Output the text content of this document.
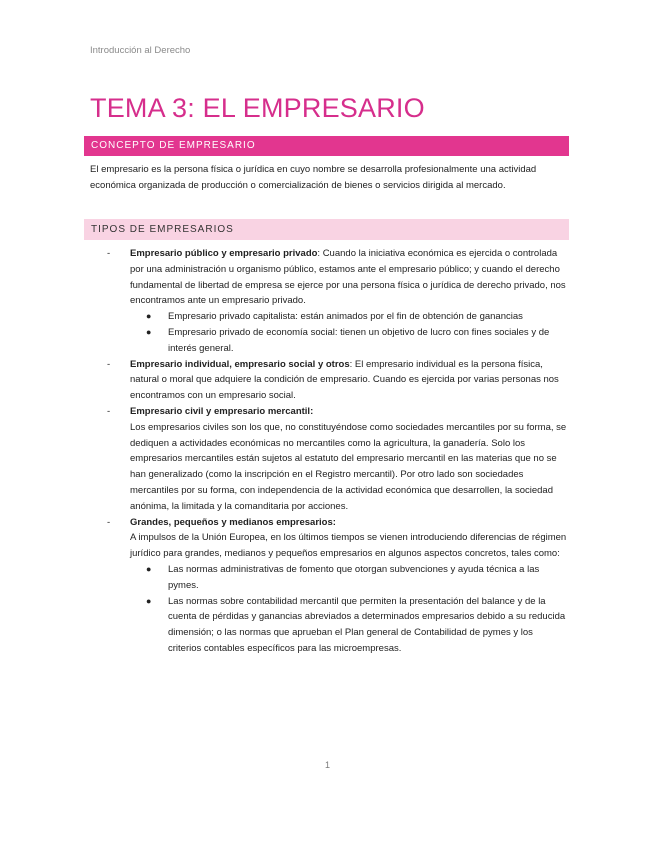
Introducción al Derecho
TEMA 3: EL EMPRESARIO
CONCEPTO DE EMPRESARIO
El empresario es la persona física o jurídica en cuyo nombre se desarrolla profesionalmente una actividad económica organizada de producción o comercialización de bienes o servicios dirigida al mercado.
TIPOS DE EMPRESARIOS
- Empresario público y empresario privado: Cuando la iniciativa económica es ejercida o controlada por una administración u organismo público, estamos ante el empresario público; y cuando el derecho fundamental de libertad de empresa se ejerce por una persona física o jurídica de derecho privado, nos encontramos ante un empresario privado.
● Empresario privado capitalista: están animados por el fin de obtención de ganancias
● Empresario privado de economía social: tienen un objetivo de lucro con fines sociales y de interés general.
- Empresario individual, empresario social y otros: El empresario individual es la persona física, natural o moral que adquiere la condición de empresario. Cuando es ejercida por varias personas nos encontramos con un empresario social.
- Empresario civil y empresario mercantil:
Los empresarios civiles son los que, no constituyéndose como sociedades mercantiles por su forma, se dediquen a actividades económicas no mercantiles como la agricultura, la ganadería. Solo los empresarios mercantiles están sujetos al estatuto del empresario mercantil en las materias que no se han generalizado (como la inscripción en el Registro mercantil). Por otro lado son sociedades mercantiles por su forma, con independencia de la actividad económica que desarrollen, la sociedad anónima, la limitada y la comanditaria por acciones.
- Grandes, pequeños y medianos empresarios:
A impulsos de la Unión Europea, en los últimos tiempos se vienen introduciendo diferencias de régimen jurídico para grandes, medianos y pequeños empresarios en algunos aspectos concretos, tales como:
● Las normas administrativas de fomento que otorgan subvenciones y ayuda técnica a las pymes.
● Las normas sobre contabilidad mercantil que permiten la presentación del balance y de la cuenta de pérdidas y ganancias abreviados a determinados empresarios debido a su reducida dimensión; o las normas que aprueban el Plan general de Contabilidad de pymes y los criterios contables específicos para las microempresas.
1
